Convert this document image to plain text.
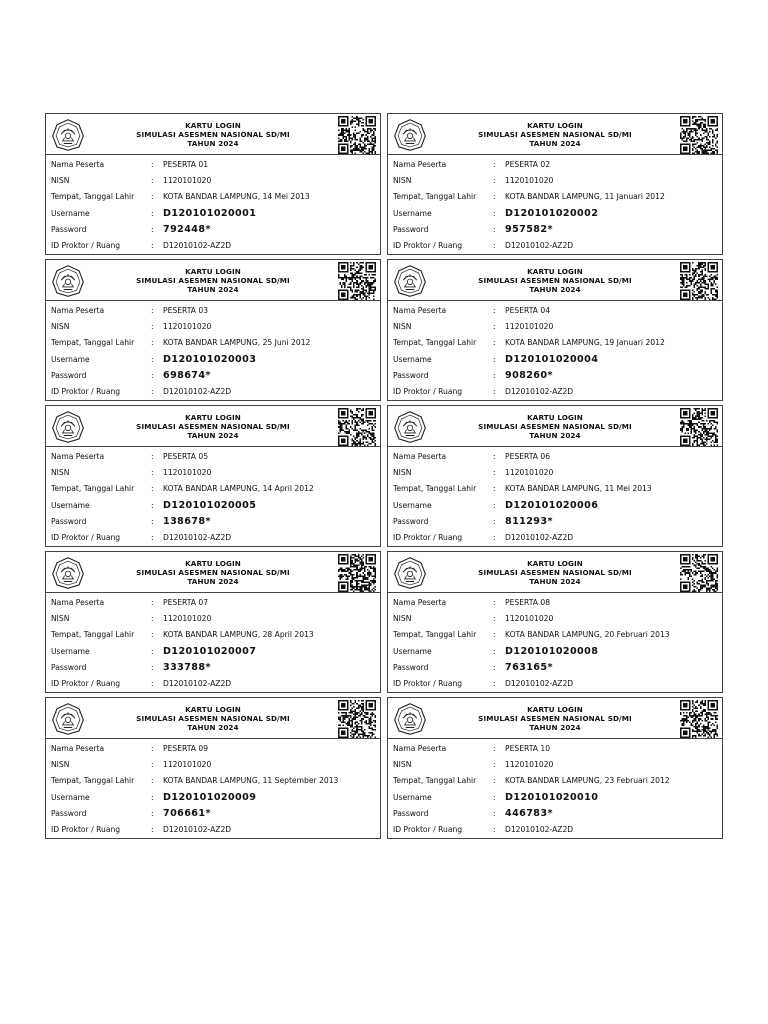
KARTU LOGIN
SIMULASI ASESMEN NASIONAL SD/MI
TAHUN 2024
Nama Peserta	:	PESERTA 01
NISN	:	1120101020
Tempat, Tanggal Lahir	:	KOTA BANDAR LAMPUNG, 14 Mei 2013
Username	: D120101020001
Password	: 792448*
ID Proktor / Ruang	:	D12010102-AZ2D
KARTU LOGIN
SIMULASI ASESMEN NASIONAL SD/MI
TAHUN 2024
Nama Peserta	:	PESERTA 02
NISN	:	1120101020
Tempat, Tanggal Lahir	:	KOTA BANDAR LAMPUNG, 11 Januari 2012
Username	: D120101020002
Password	: 957582*
ID Proktor / Ruang	:	D12010102-AZ2D
KARTU LOGIN
SIMULASI ASESMEN NASIONAL SD/MI
TAHUN 2024
Nama Peserta	:	PESERTA 03
NISN	:	1120101020
Tempat, Tanggal Lahir	:	KOTA BANDAR LAMPUNG, 25 Juni 2012
Username	: D120101020003
Password	: 698674*
ID Proktor / Ruang	:	D12010102-AZ2D
KARTU LOGIN
SIMULASI ASESMEN NASIONAL SD/MI
TAHUN 2024
Nama Peserta	:	PESERTA 04
NISN	:	1120101020
Tempat, Tanggal Lahir	:	KOTA BANDAR LAMPUNG, 19 Januari 2012
Username	: D120101020004
Password	: 908260*
ID Proktor / Ruang	:	D12010102-AZ2D
KARTU LOGIN
SIMULASI ASESMEN NASIONAL SD/MI
TAHUN 2024
Nama Peserta	:	PESERTA 05
NISN	:	1120101020
Tempat, Tanggal Lahir	:	KOTA BANDAR LAMPUNG, 14 April 2012
Username	: D120101020005
Password	: 138678*
ID Proktor / Ruang	:	D12010102-AZ2D
KARTU LOGIN
SIMULASI ASESMEN NASIONAL SD/MI
TAHUN 2024
Nama Peserta	:	PESERTA 06
NISN	:	1120101020
Tempat, Tanggal Lahir	:	KOTA BANDAR LAMPUNG, 11 Mei 2013
Username	: D120101020006
Password	: 811293*
ID Proktor / Ruang	:	D12010102-AZ2D
KARTU LOGIN
SIMULASI ASESMEN NASIONAL SD/MI
TAHUN 2024
Nama Peserta	:	PESERTA 07
NISN	:	1120101020
Tempat, Tanggal Lahir	:	KOTA BANDAR LAMPUNG, 28 April 2013
Username	: D120101020007
Password	: 333788*
ID Proktor / Ruang	:	D12010102-AZ2D
KARTU LOGIN
SIMULASI ASESMEN NASIONAL SD/MI
TAHUN 2024
Nama Peserta	:	PESERTA 08
NISN	:	1120101020
Tempat, Tanggal Lahir	:	KOTA BANDAR LAMPUNG, 20 Februari 2013
Username	: D120101020008
Password	: 763165*
ID Proktor / Ruang	:	D12010102-AZ2D
KARTU LOGIN
SIMULASI ASESMEN NASIONAL SD/MI
TAHUN 2024
Nama Peserta	:	PESERTA 09
NISN	:	1120101020
Tempat, Tanggal Lahir	:	KOTA BANDAR LAMPUNG, 11 September 2013
Username	: D120101020009
Password	: 706661*
ID Proktor / Ruang	:	D12010102-AZ2D
KARTU LOGIN
SIMULASI ASESMEN NASIONAL SD/MI
TAHUN 2024
Nama Peserta	:	PESERTA 10
NISN	:	1120101020
Tempat, Tanggal Lahir	:	KOTA BANDAR LAMPUNG, 23 Februari 2012
Username	: D120101020010
Password	: 446783*
ID Proktor / Ruang	:	D12010102-AZ2D
